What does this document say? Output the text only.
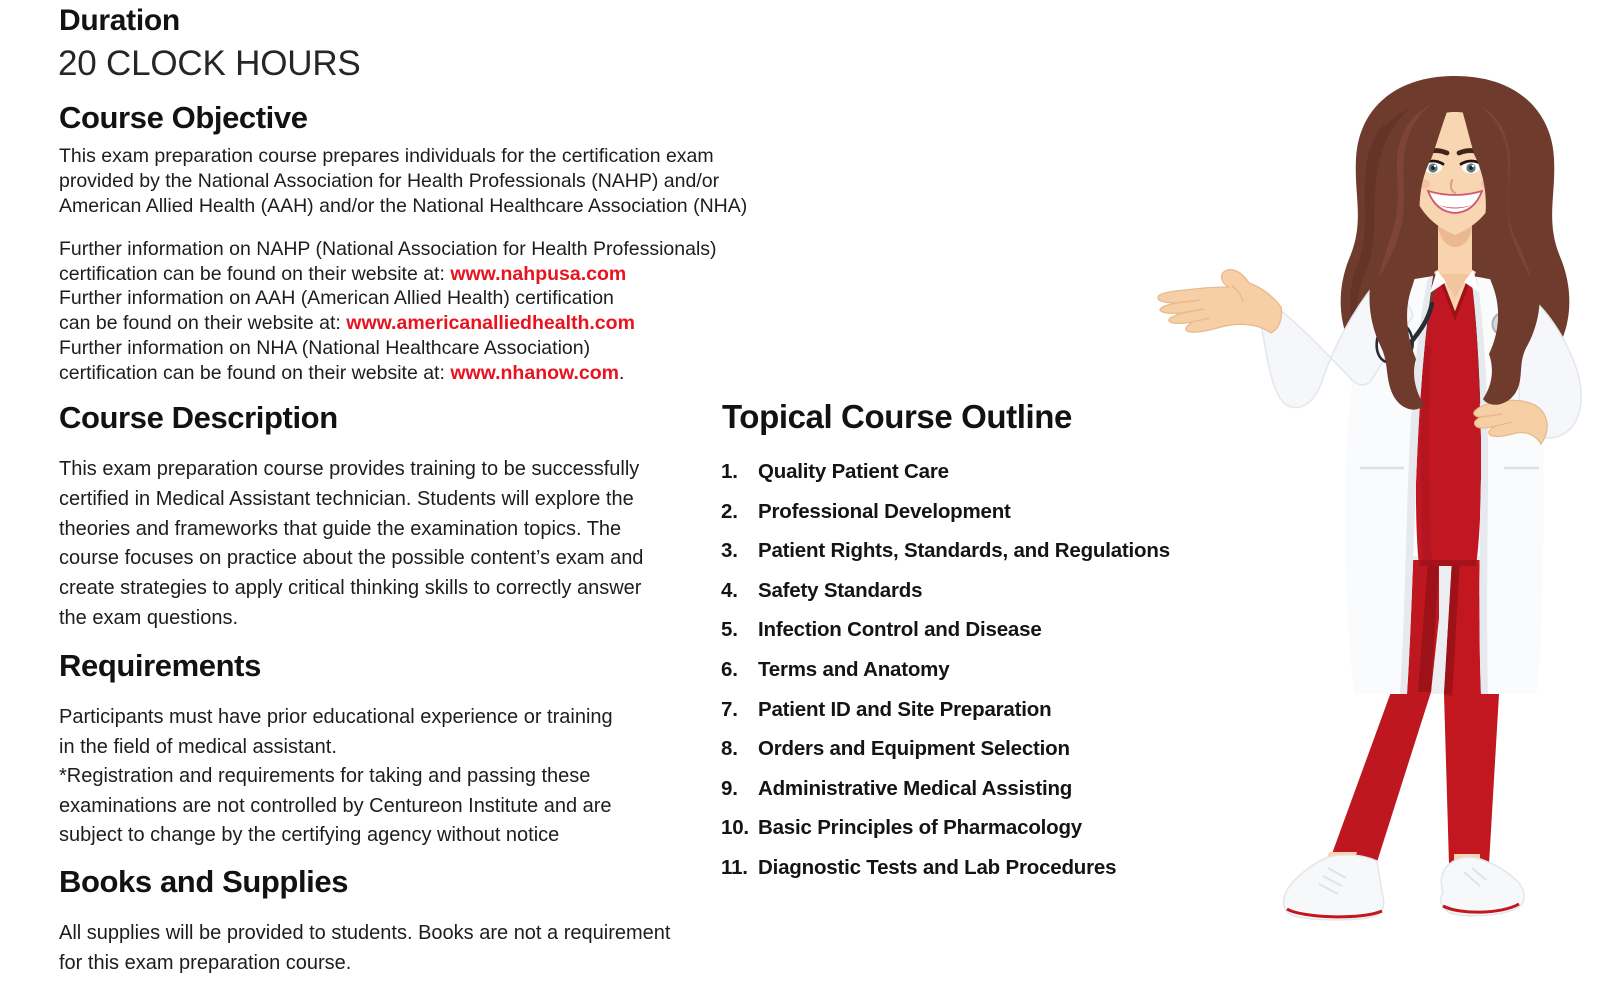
Duration
20 CLOCK HOURS
Course Objective
This exam preparation course prepares individuals for the certification exam
provided by the National Association for Health Professionals (NAHP) and/or
American Allied Health (AAH) and/or the National Healthcare Association (NHA)
Further information on NAHP (National Association for Health Professionals)
certification can be found on their website at: www.nahpusa.com
Further information on AAH (American Allied Health) certification
can be found on their website at: www.americanalliedhealth.com
Further information on NHA (National Healthcare Association)
certification can be found on their website at: www.nhanow.com.
Course Description
This exam preparation course provides training to be successfully
certified in Medical Assistant technician. Students will explore the
theories and frameworks that guide the examination topics. The
course focuses on practice about the possible content’s exam and
create strategies to apply critical thinking skills to correctly answer
the exam questions.
Requirements
Participants must have prior educational experience or training
in the field of medical assistant.
*Registration and requirements for taking and passing these
examinations are not controlled by Centureon Institute and are
subject to change by the certifying agency without notice
Books and Supplies
All supplies will be provided to students. Books are not a requirement
for this exam preparation course.
Topical Course Outline
1. Quality Patient Care
2. Professional Development
3. Patient Rights, Standards, and Regulations
4. Safety Standards
5. Infection Control and Disease
6. Terms and Anatomy
7. Patient ID and Site Preparation
8. Orders and Equipment Selection
9. Administrative Medical Assisting
10. Basic Principles of Pharmacology
11. Diagnostic Tests and Lab Procedures
